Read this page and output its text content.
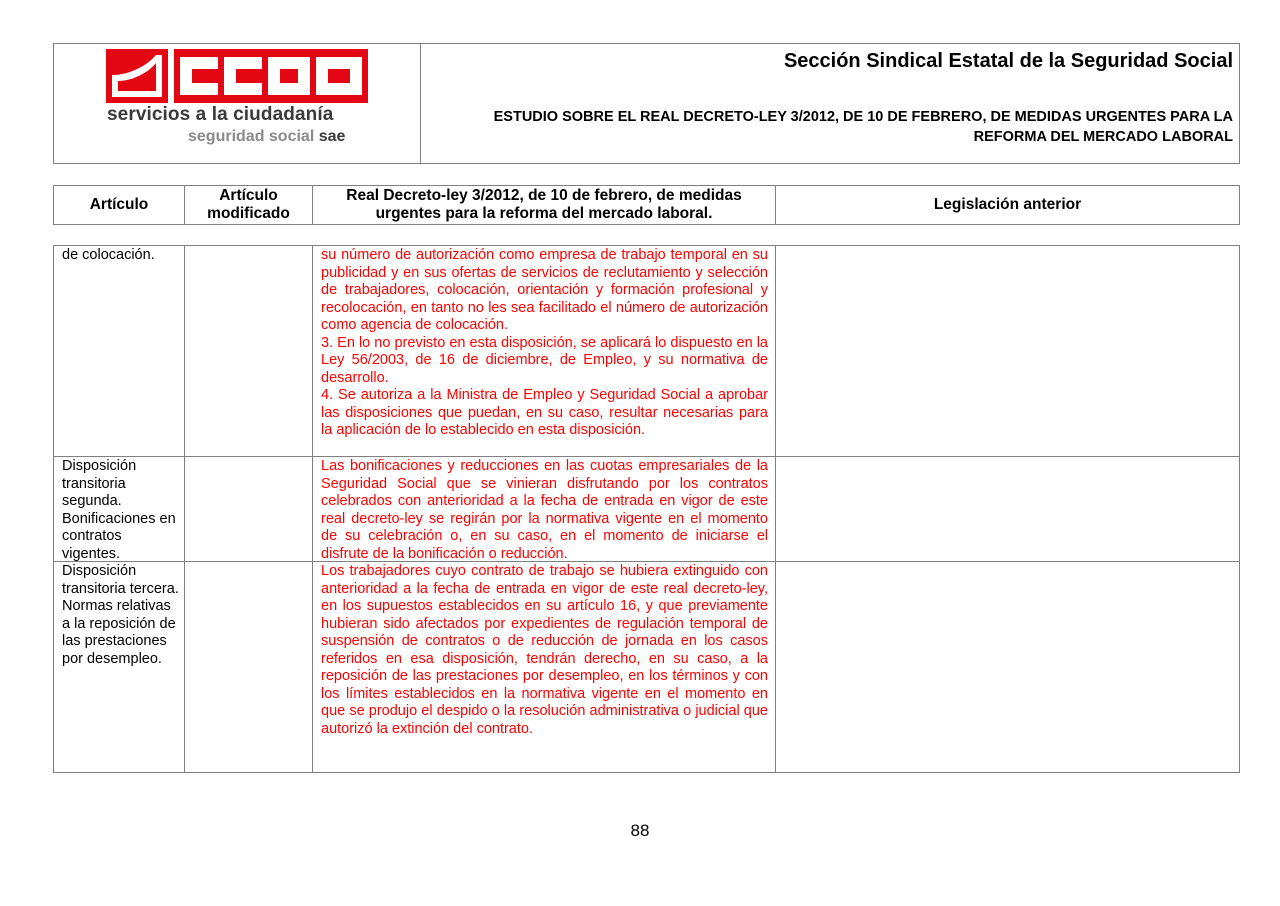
servicios a la ciudadanía
seguridad social sae
Sección Sindical Estatal de la Seguridad Social
ESTUDIO SOBRE EL REAL DECRETO-LEY 3/2012, DE 10 DE FEBRERO, DE MEDIDAS URGENTES PARA LA REFORMA DEL MERCADO LABORAL
Artículo
Artículo modificado
Real Decreto-ley 3/2012, de 10 de febrero, de medidas urgentes para la reforma del mercado laboral.
Legislación anterior
de colocación.	su número de autorización como empresa de trabajo temporal en su publicidad y en sus ofertas de servicios de reclutamiento y selección de trabajadores, colocación, orientación y formación profesional y recolocación, en tanto no les sea facilitado el número de autorización como agencia de colocación.

3. En lo no previsto en esta disposición, se aplicará lo dispuesto en la Ley 56/2003, de 16 de diciembre, de Empleo, y su normativa de desarrollo.

4. Se autoriza a la Ministra de Empleo y Seguridad Social a aprobar las disposiciones que puedan, en su caso, resultar necesarias para la aplicación de lo establecido en esta disposición.

Disposición transitoria segunda. Bonificaciones en contratos vigentes.

Las bonificaciones y reducciones en las cuotas empresariales de la Seguridad Social que se vinieran disfrutando por los contratos celebrados con anterioridad a la fecha de entrada en vigor de este real decreto-ley se regirán por la normativa vigente en el momento de su celebración o, en su caso, en el momento de iniciarse el disfrute de la bonificación o reducción.

Disposición transitoria tercera. Normas relativas a la reposición de las prestaciones por desempleo.

Los trabajadores cuyo contrato de trabajo se hubiera extinguido con anterioridad a la fecha de entrada en vigor de este real decreto-ley, en los supuestos establecidos en su artículo 16, y que previamente hubieran sido afectados por expedientes de regulación temporal de suspensión de contratos o de reducción de jornada en los casos referidos en esa disposición, tendrán derecho, en su caso, a la reposición de las prestaciones por desempleo, en los términos y con los límites establecidos en la normativa vigente en el momento en que se produjo el despido o la resolución administrativa o judicial que autorizó la extinción del contrato.

88
